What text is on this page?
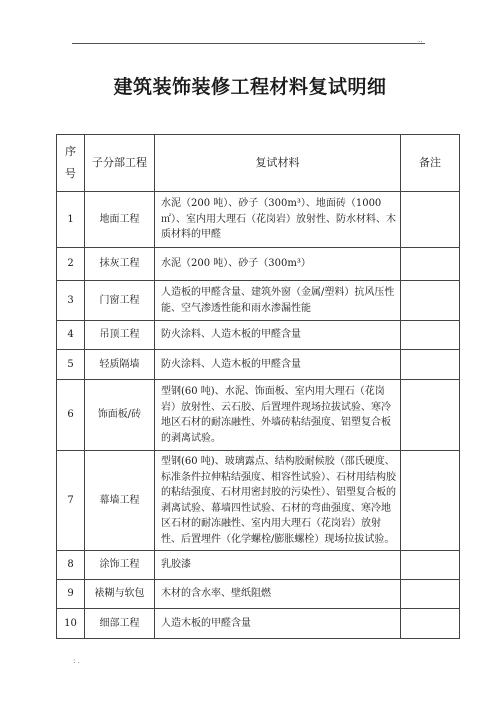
..
建筑装饰装修工程材料复试明细
序
号	子分部工程	复试材料	备注
1	地面工程	水泥（200 吨）、砂子（300m³）、地面砖（1000㎡）、室内用大理石（花岗岩）放射性、防水材料、木质材料的甲醛	
2	抹灰工程	水泥（200 吨）、砂子（300m³）	
3	门窗工程	人造板的甲醛含量、建筑外窗（金属/塑料）抗风压性能、空气渗透性能和雨水渗漏性能	
4	吊顶工程	防火涂料、人造木板的甲醛含量	
5	轻质隔墙	防火涂料、人造木板的甲醛含量	
6	饰面板/砖	型钢(60 吨)、水泥、饰面板、室内用大理石（花岗岩）放射性、云石胶、后置埋件现场拉拔试验、寒冷地区石材的耐冻融性、外墙砖粘结强度、铝塑复合板的剥离试验。	
7	幕墙工程	型钢(60 吨)、玻璃露点、结构胶耐候胶（邵氏硬度、标准条件拉伸粘结强度、相容性试验）、石材用结构胶的粘结强度、石材用密封胶的污染性）、铝塑复合板的剥离试验、幕墙四性试验、石材的弯曲强度、寒冷地区石材的耐冻融性、室内用大理石（花岗岩）放射性、后置埋件（化学螺栓/膨胀螺栓）现场拉拔试验。	
8	涂饰工程	乳胶漆	
9	裱糊与软包	木材的含水率、壁纸阻燃	
10	细部工程	人造木板的甲醛含量	
: .
